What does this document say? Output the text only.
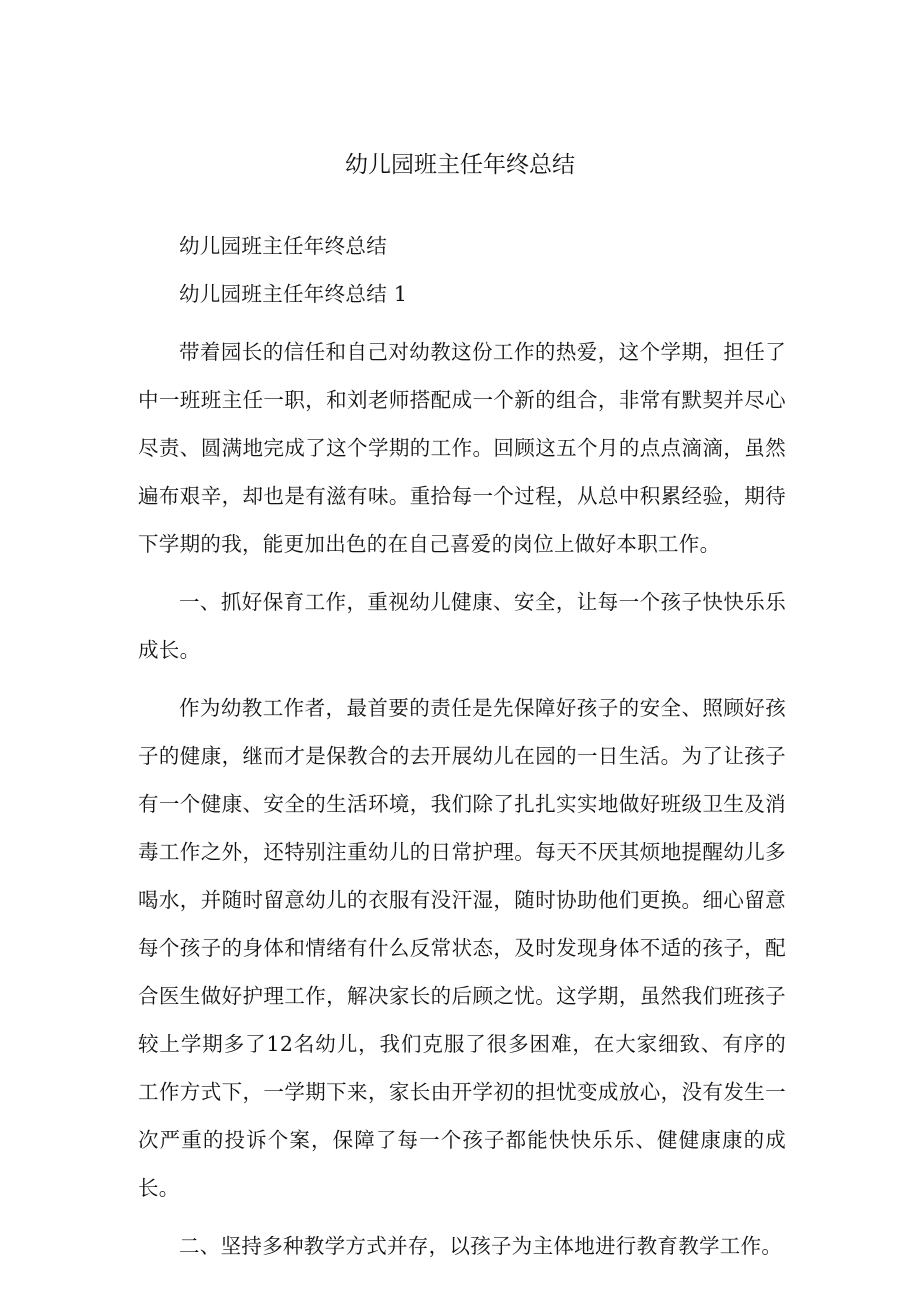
幼儿园班主任年终总结

幼儿园班主任年终总结

幼儿园班主任年终总结 1

带着园长的信任和自己对幼教这份工作的热爱，这个学期，担任了中一班班主任一职，和刘老师搭配成一个新的组合，非常有默契并尽心尽责、圆满地完成了这个学期的工作。回顾这五个月的点点滴滴，虽然遍布艰辛，却也是有滋有味。重拾每一个过程，从总中积累经验，期待下学期的我，能更加出色的在自己喜爱的岗位上做好本职工作。

一、抓好保育工作，重视幼儿健康、安全，让每一个孩子快快乐乐成长。

作为幼教工作者，最首要的责任是先保障好孩子的安全、照顾好孩子的健康，继而才是保教合的去开展幼儿在园的一日生活。为了让孩子有一个健康、安全的生活环境，我们除了扎扎实实地做好班级卫生及消毒工作之外，还特别注重幼儿的日常护理。每天不厌其烦地提醒幼儿多喝水，并随时留意幼儿的衣服有没汗湿，随时协助他们更换。细心留意每个孩子的身体和情绪有什么反常状态，及时发现身体不适的孩子，配合医生做好护理工作，解决家长的后顾之忧。这学期，虽然我们班孩子较上学期多了12名幼儿，我们克服了很多困难，在大家细致、有序的工作方式下，一学期下来，家长由开学初的担忧变成放心，没有发生一次严重的投诉个案，保障了每一个孩子都能快快乐乐、健健康康的成长。

二、坚持多种教学方式并存，以孩子为主体地进行教育教学工作。
